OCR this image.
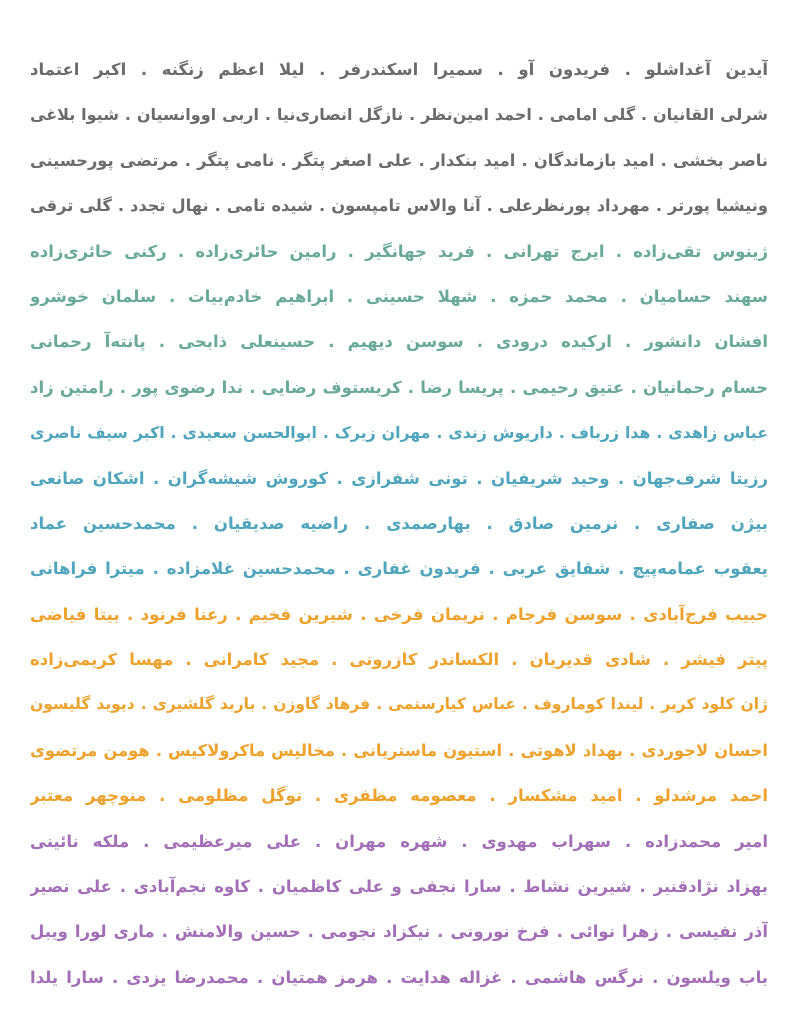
آیدین آغداشلو . فریدون آو . سمیرا اسکندرفر . لیلا اعظم زنگنه . اکبر اعتماد
شرلی القانیان . گلی امامی . احمد امین‌نظر . نازگل انصاری‌نیا . اربی اووانسیان . شیوا بلاغی
ناصر بخشی . امید بازماندگان . امید بنکدار . علی اصغر پتگر . نامی پتگر . مرتضی پورحسینی
ونیشیا پورتر . مهرداد پورنظرعلی . آنا والاس تامپسون . شیده تامی . نهال تجدد . گلی ترقی
ژینوس تقی‌زاده . ایرج تهرانی . فرید جهانگیر . رامین حائری‌زاده . رکنی حائری‌زاده
سهند حسامیان . محمد حمزه . شهلا حسینی . ابراهیم خادم‌بیات . سلمان خوشرو
افشان دانشور . ارکیده درودی . سوسن دیهیم . حسینعلی ذابحی . پانته‌آ رحمانی
حسام رحمانیان . عتیق رحیمی . پریسا رضا . کریستوف رضایی . ندا رضوی پور . رامتین زاد
عباس زاهدی . هدا زرباف . داریوش زندی . مهران زیرک . ابوالحسن سعیدی . اکبر سیف ناصری
رزیتا شرف‌جهان . وحید شریفیان . تونی شفرازی . کوروش شیشه‌گران . اشکان صانعی
بیژن صفاری . نرمین صادق . بهارصمدی . راضیه صدیقیان . محمدحسین عماد
یعقوب عمامه‌پیچ . شقایق عربی . فریدون غفاری . محمدحسین غلامزاده . میترا فراهانی
حبیب فرج‌آبادی . سوسن فرجام . نریمان فرخی . شیرین فخیم . رعنا فرنود . بیتا فیاضی
پیتر فیشر . شادی قدیریان . الکساندر کازرونی . مجید کامرانی . مهسا کریمی‌زاده
ژان کلود کریر . لیندا کوماروف . عباس کیارستمی . فرهاد گاوزن . باربد گلشیری . دیوید گلیسون
احسان لاجوردی . بهداد لاهوتی . استیون ماستریانی . مخالیس ماکرولاکیس . هومن مرتضوی
احمد مرشدلو . امید مشکسار . معصومه مظفری . نوگل مظلومی . منوچهر معتبر
امیر محمدزاده . سهراب مهدوی . شهره مهران . علی میرعظیمی . ملکه نائینی
بهزاد نژادقنبر . شیرین نشاط . سارا نجفی و علی کاظمیان . کاوه نجم‌آبادی . علی نصیر
آذر نفیسی . زهرا نوائی . فرخ نورونی . نیکزاد نجومی . حسین والامنش . ماری لورا ویبل
باب ویلسون . نرگس هاشمی . غزاله هدایت . هرمز همتیان . محمدرضا یزدی . سارا یلدا
